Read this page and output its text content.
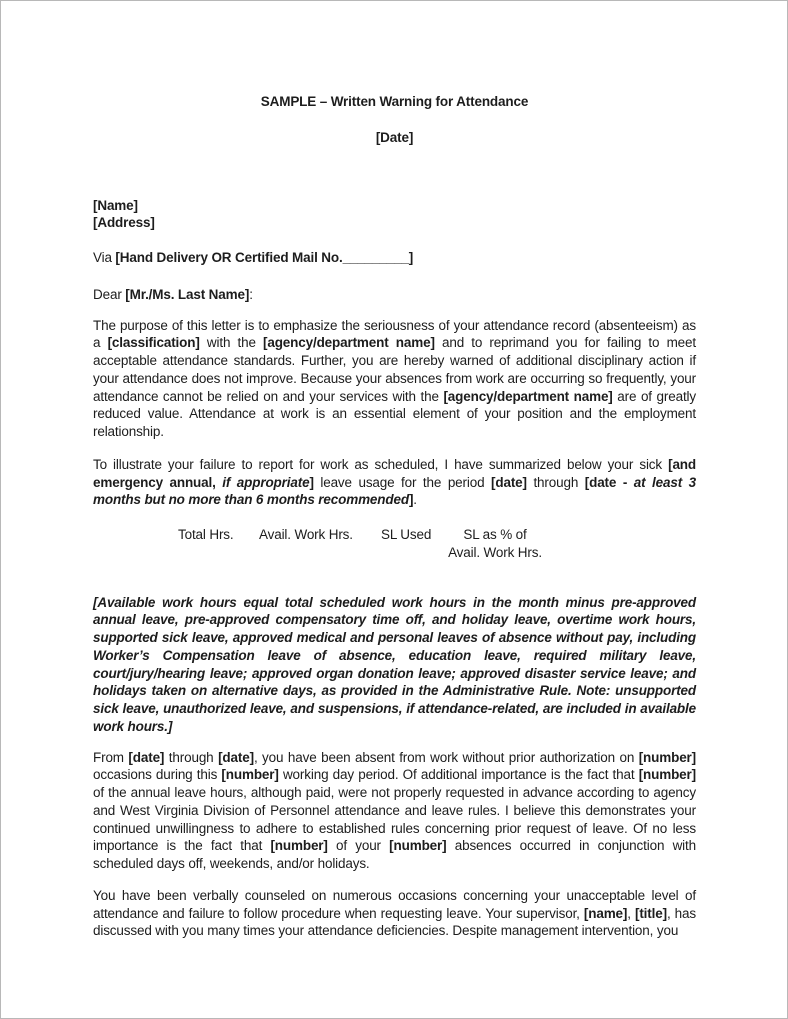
SAMPLE – Written Warning for Attendance
[Date]
[Name]
[Address]
Via [Hand Delivery OR Certified Mail No._________]
Dear [Mr./Ms. Last Name]:

The purpose of this letter is to emphasize the seriousness of your attendance record (absenteeism) as a [classification] with the [agency/department name] and to reprimand you for failing to meet acceptable attendance standards. Further, you are hereby warned of additional disciplinary action if your attendance does not improve. Because your absences from work are occurring so frequently, your attendance cannot be relied on and your services with the [agency/department name] are of greatly reduced value. Attendance at work is an essential element of your position and the employment relationship.

To illustrate your failure to report for work as scheduled, I have summarized below your sick [and emergency annual, if appropriate] leave usage for the period [date] through [date - at least 3 months but no more than 6 months recommended].

Total Hrs. Avail. Work Hrs. SL Used	SL as % of
Avail. Work Hrs.

[Available work hours equal total scheduled work hours in the month minus pre-approved annual leave, pre-approved compensatory time off, and holiday leave, overtime work hours, supported sick leave, approved medical and personal leaves of absence without pay, including Worker’s Compensation leave of absence, education leave, required military leave, court/jury/hearing leave; approved organ donation leave; approved disaster service leave; and holidays taken on alternative days, as provided in the Administrative Rule. Note: unsupported sick leave, unauthorized leave, and suspensions, if attendance-related, are included in available work hours.]

From [date] through [date], you have been absent from work without prior authorization on [number] occasions during this [number] working day period. Of additional importance is the fact that [number] of the annual leave hours, although paid, were not properly requested in advance according to agency and West Virginia Division of Personnel attendance and leave rules. I believe this demonstrates your continued unwillingness to adhere to established rules concerning prior request of leave. Of no less importance is the fact that [number] of your [number] absences occurred in conjunction with scheduled days off, weekends, and/or holidays.

You have been verbally counseled on numerous occasions concerning your unacceptable level of attendance and failure to follow procedure when requesting leave. Your supervisor, [name], [title], has discussed with you many times your attendance deficiencies. Despite management intervention, you
